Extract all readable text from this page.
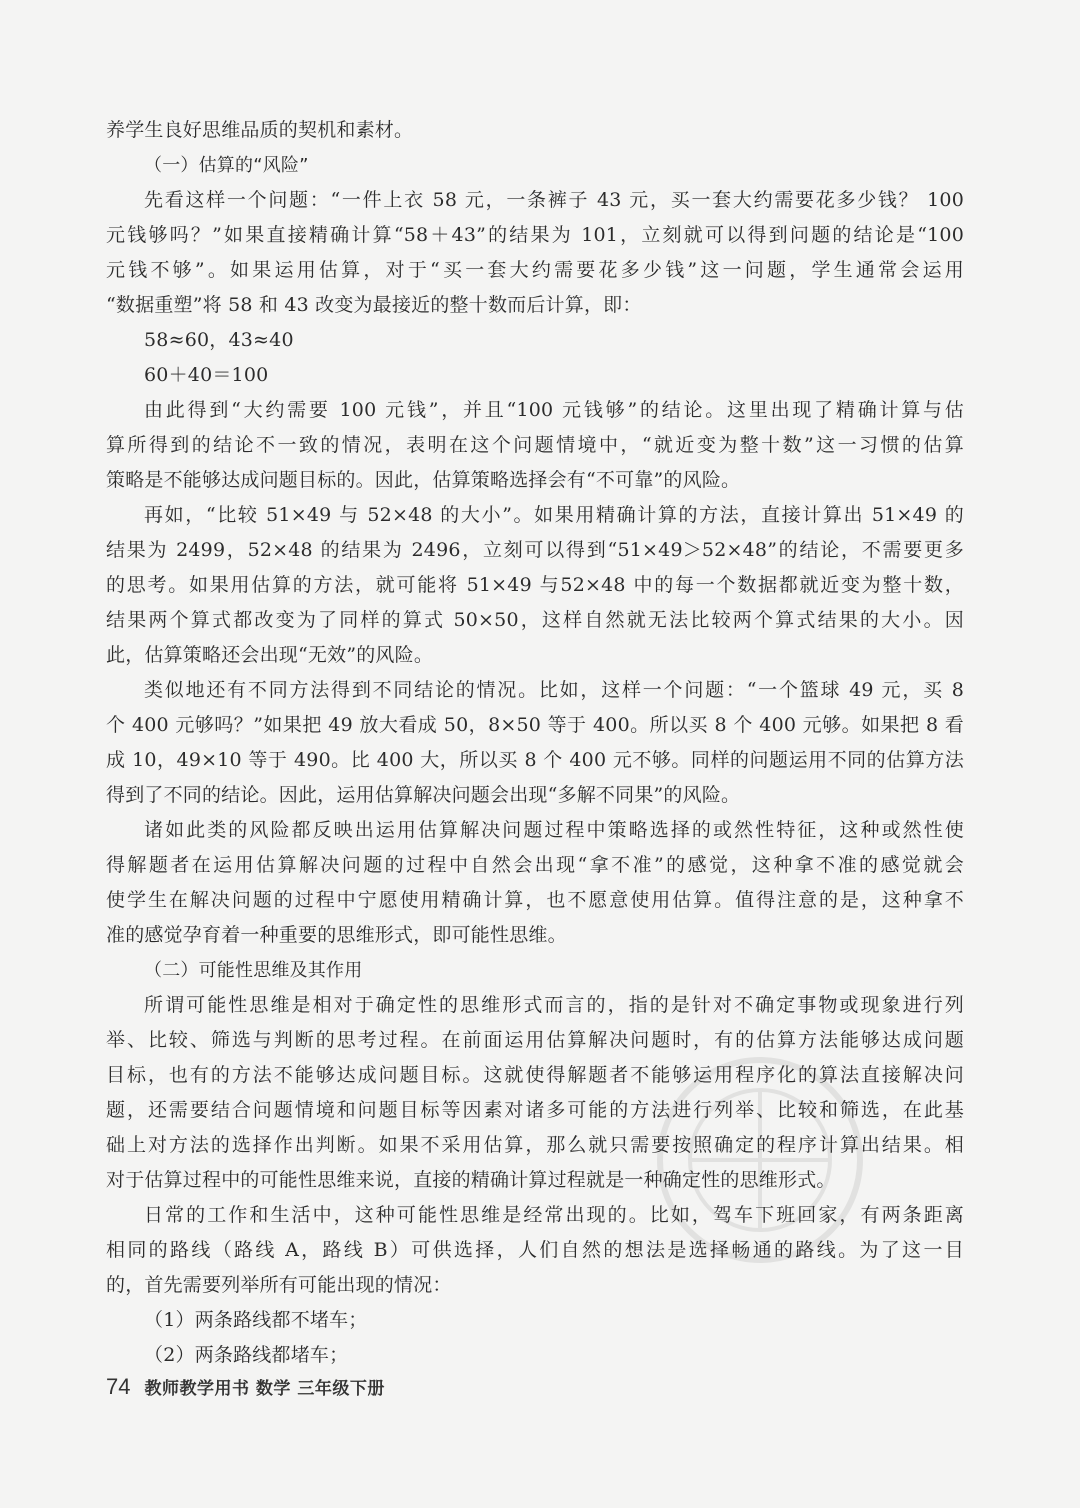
养学生良好思维品质的契机和素材。
（一）估算的“风险”
先看这样一个问题：“一件上衣 58 元，一条裤子 43 元，买一套大约需要花多少钱？ 100
元钱够吗？”如果直接精确计算“58＋43”的结果为 101，立刻就可以得到问题的结论是“100
元钱不够”。如果运用估算，对于“买一套大约需要花多少钱”这一问题，学生通常会运用
“数据重塑”将 58 和 43 改变为最接近的整十数而后计算，即：
58≈60，43≈40
60＋40＝100
由此得到“大约需要 100 元钱”，并且“100 元钱够”的结论。这里出现了精确计算与估
算所得到的结论不一致的情况，表明在这个问题情境中，“就近变为整十数”这一习惯的估算
策略是不能够达成问题目标的。因此，估算策略选择会有“不可靠”的风险。
再如，“比较 51×49 与 52×48 的大小”。如果用精确计算的方法，直接计算出 51×49 的
结果为 2499，52×48 的结果为 2496，立刻可以得到“51×49＞52×48”的结论，不需要更多
的思考。如果用估算的方法，就可能将 51×49 与52×48 中的每一个数据都就近变为整十数，
结果两个算式都改变为了同样的算式 50×50，这样自然就无法比较两个算式结果的大小。因
此，估算策略还会出现“无效”的风险。
类似地还有不同方法得到不同结论的情况。比如，这样一个问题：“一个篮球 49 元，买 8
个 400 元够吗？”如果把 49 放大看成 50，8×50 等于 400。所以买 8 个 400 元够。如果把 8 看
成 10，49×10 等于 490。比 400 大，所以买 8 个 400 元不够。同样的问题运用不同的估算方法
得到了不同的结论。因此，运用估算解决问题会出现“多解不同果”的风险。
诸如此类的风险都反映出运用估算解决问题过程中策略选择的或然性特征，这种或然性使
得解题者在运用估算解决问题的过程中自然会出现“拿不准”的感觉，这种拿不准的感觉就会
使学生在解决问题的过程中宁愿使用精确计算，也不愿意使用估算。值得注意的是，这种拿不
准的感觉孕育着一种重要的思维形式，即可能性思维。
（二）可能性思维及其作用
所谓可能性思维是相对于确定性的思维形式而言的，指的是针对不确定事物或现象进行列
举、比较、筛选与判断的思考过程。在前面运用估算解决问题时，有的估算方法能够达成问题
目标，也有的方法不能够达成问题目标。这就使得解题者不能够运用程序化的算法直接解决问
题，还需要结合问题情境和问题目标等因素对诸多可能的方法进行列举、比较和筛选，在此基
础上对方法的选择作出判断。如果不采用估算，那么就只需要按照确定的程序计算出结果。相
对于估算过程中的可能性思维来说，直接的精确计算过程就是一种确定性的思维形式。
日常的工作和生活中，这种可能性思维是经常出现的。比如，驾车下班回家，有两条距离
相同的路线（路线 A，路线 B）可供选择，人们自然的想法是选择畅通的路线。为了这一目
的，首先需要列举所有可能出现的情况：
（1）两条路线都不堵车；
（2）两条路线都堵车；
74 教师教学用书 数学 三年级下册
